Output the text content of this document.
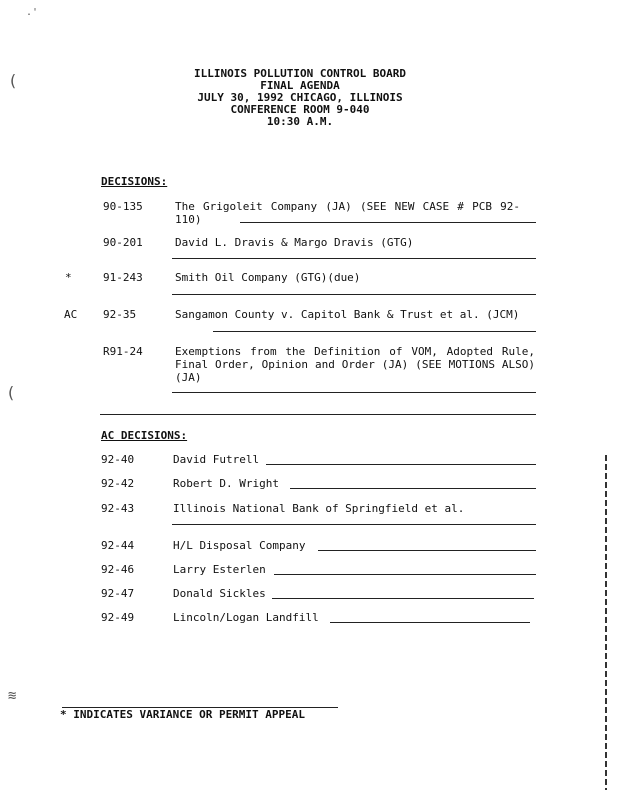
.'
(
(
≋
ILLINOIS POLLUTION CONTROL BOARD
FINAL AGENDA
JULY 30, 1992 CHICAGO, ILLINOIS
CONFERENCE ROOM 9-040
10:30 A.M.
DECISIONS:
90-135	The Grigoleit Company (JA) (SEE NEW CASE # PCB 92-110)
90-201	David L. Dravis & Margo Dravis (GTG)
*	91-243	Smith Oil Company (GTG)(due)
AC 92-35	Sangamon County v. Capitol Bank & Trust et al. (JCM)
R91-24	Exemptions from the Definition of VOM, Adopted Rule, Final Order, Opinion and Order (JA) (SEE MOTIONS ALSO)(JA)
AC DECISIONS:
92-40	David Futrell
92-42	Robert D. Wright
92-43	Illinois National Bank of Springfield et al.
92-44	H/L Disposal Company
92-46	Larry Esterlen
92-47	Donald Sickles
92-49	Lincoln/Logan Landfill
* INDICATES VARIANCE OR PERMIT APPEAL
